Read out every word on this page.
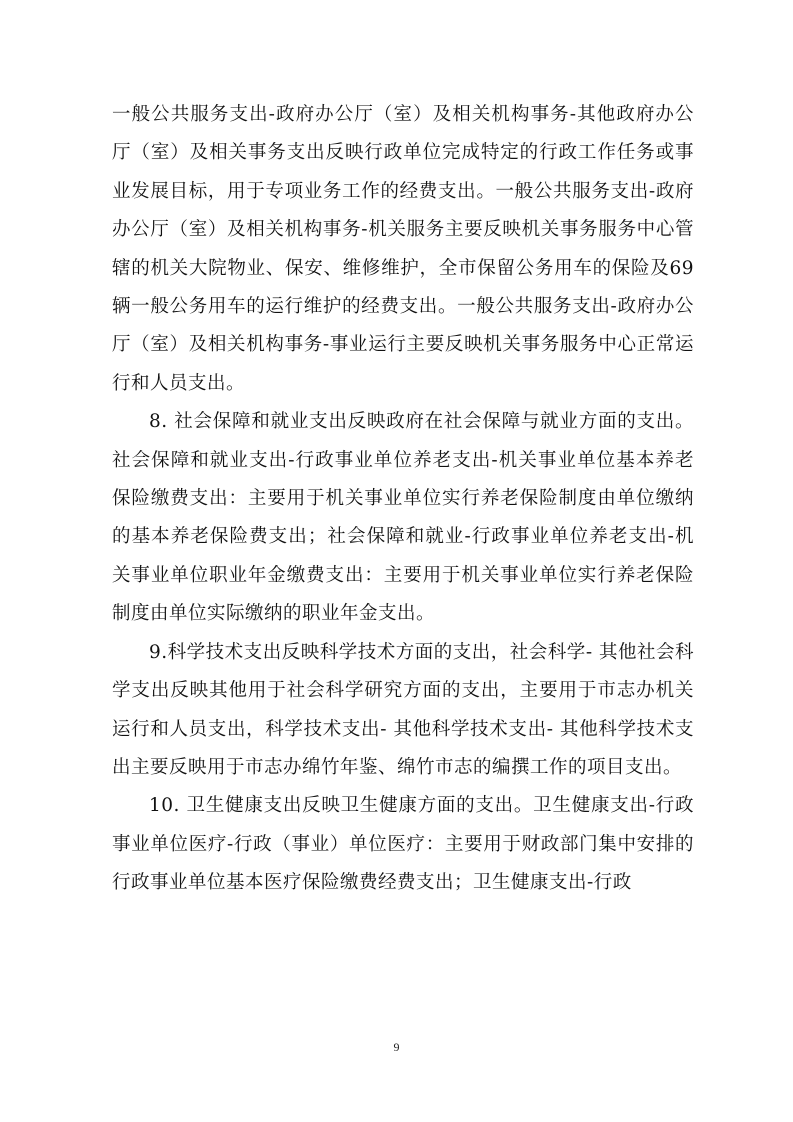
一般公共服务支出-政府办公厅（室）及相关机构事务-其他政府办公厅（室）及相关事务支出反映行政单位完成特定的行政工作任务或事业发展目标，用于专项业务工作的经费支出。一般公共服务支出-政府办公厅（室）及相关机构事务-机关服务主要反映机关事务服务中心管辖的机关大院物业、保安、维修维护，全市保留公务用车的保险及69辆一般公务用车的运行维护的经费支出。一般公共服务支出-政府办公厅（室）及相关机构事务-事业运行主要反映机关事务服务中心正常运行和人员支出。

8. 社会保障和就业支出反映政府在社会保障与就业方面的支出。社会保障和就业支出-行政事业单位养老支出-机关事业单位基本养老保险缴费支出：主要用于机关事业单位实行养老保险制度由单位缴纳的基本养老保险费支出；社会保障和就业-行政事业单位养老支出-机关事业单位职业年金缴费支出：主要用于机关事业单位实行养老保险制度由单位实际缴纳的职业年金支出。

9.科学技术支出反映科学技术方面的支出，社会科学- 其他社会科学支出反映其他用于社会科学研究方面的支出，主要用于市志办机关运行和人员支出，科学技术支出- 其他科学技术支出- 其他科学技术支出主要反映用于市志办绵竹年鉴、绵竹市志的编撰工作的项目支出。

10. 卫生健康支出反映卫生健康方面的支出。卫生健康支出-行政事业单位医疗-行政（事业）单位医疗：主要用于财政部门集中安排的行政事业单位基本医疗保险缴费经费支出；卫生健康支出-行政

9
